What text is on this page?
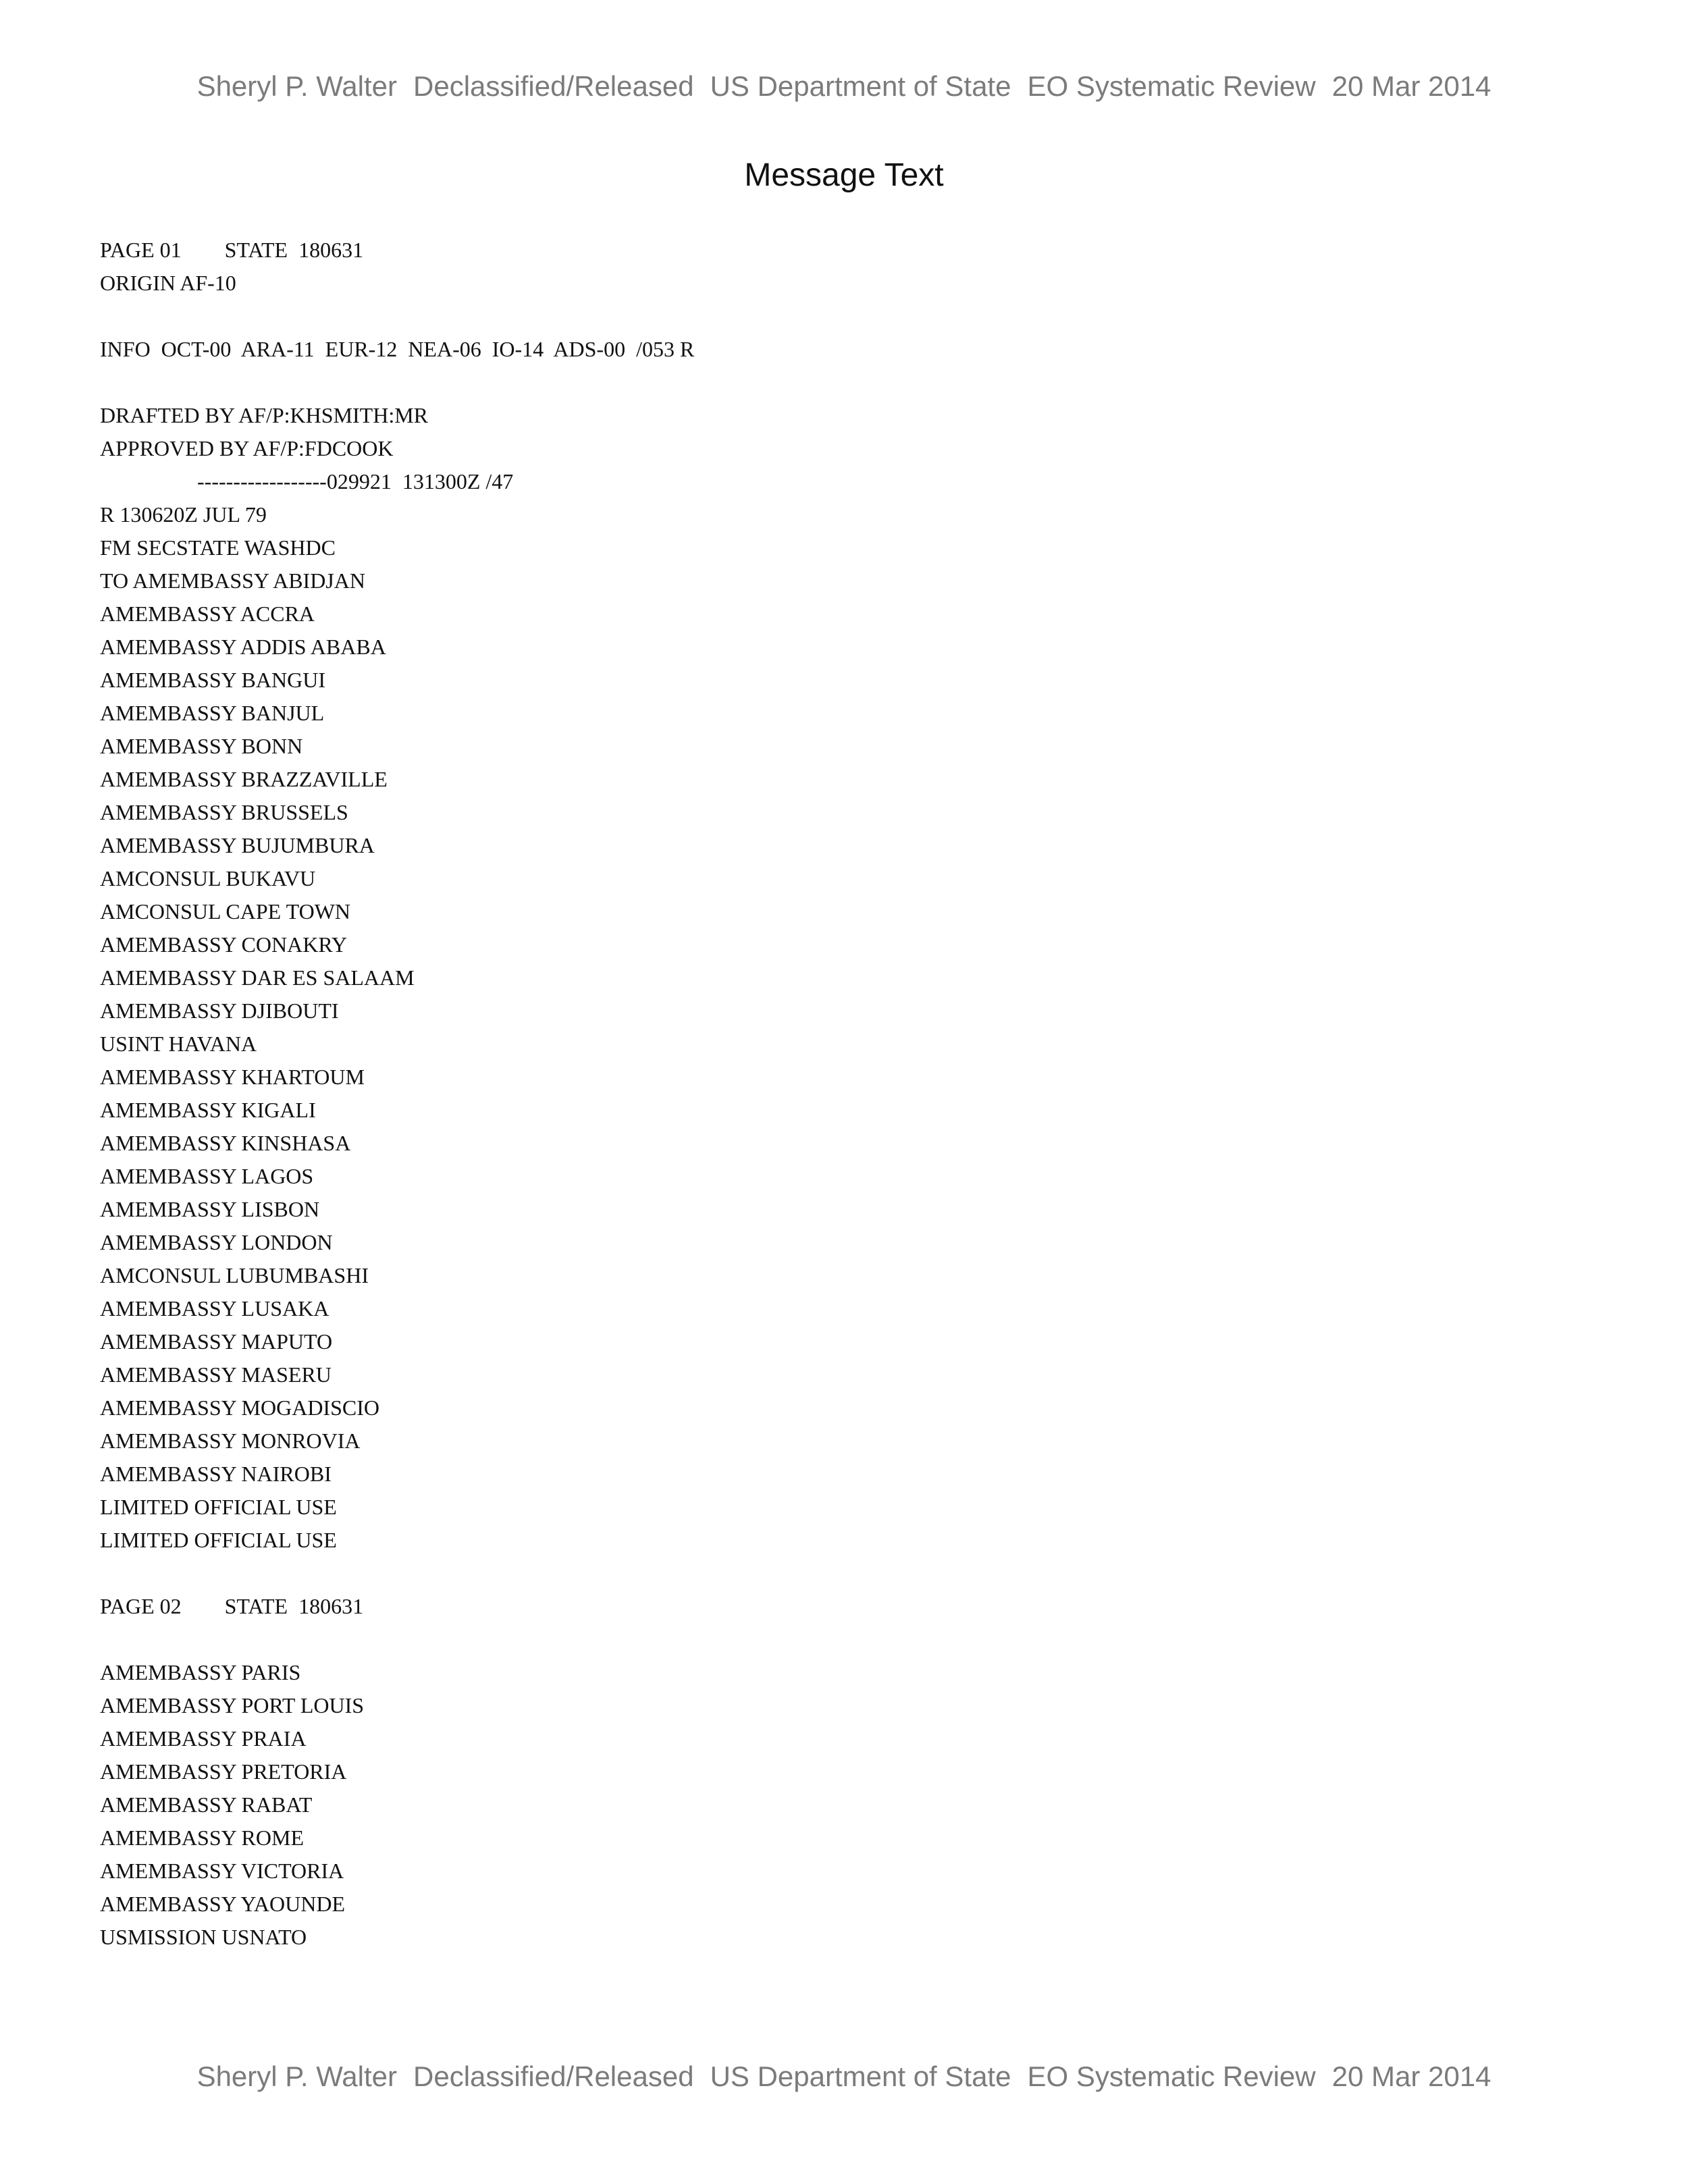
Sheryl P. Walter Declassified/Released US Department of State EO Systematic Review 20 Mar 2014
Message Text
PAGE 01        STATE  180631
ORIGIN AF-10
INFO  OCT-00  ARA-11  EUR-12  NEA-06  IO-14  ADS-00  /053 R
DRAFTED BY AF/P:KHSMITH:MR
APPROVED BY AF/P:FDCOOK
------------------029921  131300Z /47
R 130620Z JUL 79
FM SECSTATE WASHDC
TO AMEMBASSY ABIDJAN
AMEMBASSY ACCRA
AMEMBASSY ADDIS ABABA
AMEMBASSY BANGUI
AMEMBASSY BANJUL
AMEMBASSY BONN
AMEMBASSY BRAZZAVILLE
AMEMBASSY BRUSSELS
AMEMBASSY BUJUMBURA
AMCONSUL BUKAVU
AMCONSUL CAPE TOWN
AMEMBASSY CONAKRY
AMEMBASSY DAR ES SALAAM
AMEMBASSY DJIBOUTI
USINT HAVANA
AMEMBASSY KHARTOUM
AMEMBASSY KIGALI
AMEMBASSY KINSHASA
AMEMBASSY LAGOS
AMEMBASSY LISBON
AMEMBASSY LONDON
AMCONSUL LUBUMBASHI
AMEMBASSY LUSAKA
AMEMBASSY MAPUTO
AMEMBASSY MASERU
AMEMBASSY MOGADISCIO
AMEMBASSY MONROVIA
AMEMBASSY NAIROBI
LIMITED OFFICIAL USE
LIMITED OFFICIAL USE
PAGE 02        STATE  180631
AMEMBASSY PARIS
AMEMBASSY PORT LOUIS
AMEMBASSY PRAIA
AMEMBASSY PRETORIA
AMEMBASSY RABAT
AMEMBASSY ROME
AMEMBASSY VICTORIA
AMEMBASSY YAOUNDE
USMISSION USNATO
Sheryl P. Walter Declassified/Released US Department of State EO Systematic Review 20 Mar 2014
